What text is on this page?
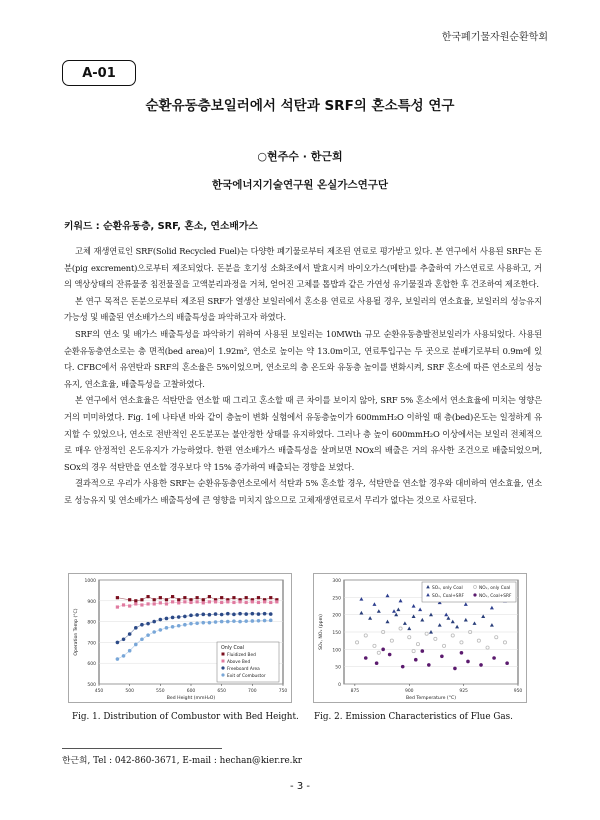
한국폐기물자원순환학회
A-01
순환유동층보일러에서 석탄과 SRF의 혼소특성 연구
○현주수 · 한근희
한국에너지기술연구원 온실가스연구단
키워드 : 순환유동층, SRF, 혼소, 연소배가스

고체 재생연료인 SRF(Solid Recycled Fuel)는 다양한 폐기물로부터 제조된 연료로 평가받고 있다. 본 연구에서 사용된 SRF는 돈분(pig excrement)으로부터 제조되었다. 돈분을 호기성 소화조에서 발효시켜 바이오가스(메탄)를 추출하여 가스연료로 사용하고, 거의 액상상태의 잔류물중 침전물질을 고액분리과정을 거쳐, 얻어진 고체를 톱밥과 같은 가연성 유기물질과 혼합한 후 건조하여 제조한다.

본 연구 목적은 돈분으로부터 제조된 SRF가 열생산 보일러에서 혼소용 연료로 사용될 경우, 보일러의 연소효율, 보일러의 성능유지 가능성 및 배출된 연소배가스의 배출특성을 파악하고자 하였다.

SRF의 연소 및 배가스 배출특성을 파악하기 위하여 사용된 보일러는 10MWth 규모 순환유동층발전보일러가 사용되었다. 사용된 순환유동층연소로는 층 면적(bed area)이 1.92m², 연소로 높이는 약 13.0m이고, 연료투입구는 두 곳으로 분배기로부터 0.9m에 있다. CFBC에서 유연탄과 SRF의 혼소율은 5%이었으며, 연소로의 층 온도와 유동층 높이를 변화시켜, SRF 혼소에 따른 연소로의 성능유지, 연소효율, 배출특성을 고찰하였다.

본 연구에서 연소효율은 석탄만을 연소할 때 그리고 혼소할 때 큰 차이를 보이지 않아, SRF 5% 혼소에서 연소효율에 미치는 영향은 거의 미미하였다. Fig. 1에 나타낸 바와 같이 층높이 변화 실험에서 유동층높이가 600mmH₂O 이하일 때 층(bed)온도는 일정하게 유지할 수 있었으나, 연소로 전반적인 온도분포는 불안정한 상태를 유지하였다. 그러나 층 높이 600mmH₂O 이상에서는 보일러 전체적으로 매우 안정적인 온도유지가 가능하였다. 한편 연소배가스 배출특성을 살펴보면 NOx의 배출은 거의 유사한 조건으로 배출되었으며, SOx의 경우 석탄만을 연소할 경우보다 약 15% 증가하여 배출되는 경향을 보였다.

결과적으로 우리가 사용한 SRF는 순환유동층연소로에서 석탄과 5% 혼소할 경우, 석탄만을 연소할 경우와 대비하여 연소효율, 연소로 성능유지 및 연소배가스 배출특성에 큰 영향을 미치지 않으므로 고체재생연료로서 무리가 없다는 것으로 사료된다.

500
600
700
800
900
1000
450	500	550	600	650	700	750
Bed Height (mmH₂O)
Operation Temp (°C)	Only Coal
Fluidized Bed
Above Bed
Freeboard Area
Exit of Combustor
0
50
100
150
200
250
300
875	900	925	950
Bed Temperature (°C)
SO₂, NOₓ (ppm)
SOₓ, only Coal	NOₓ, only Coal
SOₓ, Coal+SRF	NOₓ, Coal+SRF
Fig. 1. Distribution of Combustor with Bed Height. Fig. 2. Emission Characteristics of Flue Gas.
한근희, Tel : 042-860-3671, E-mail : hechan@kier.re.kr
- 3 -
